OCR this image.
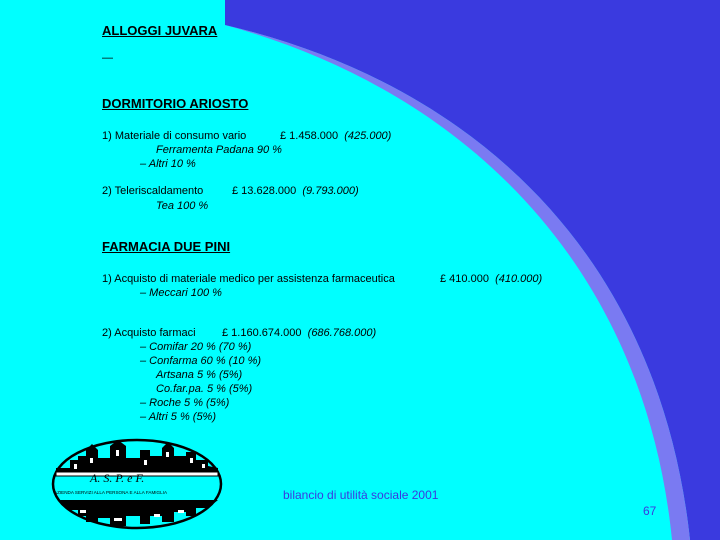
ALLOGGI JUVARA
—
DORMITORIO ARIOSTO
1) Materiale di consumo vario	£ 1.458.000 (425.000)
Ferramenta Padana 90 %
– Altri 10 %
2) Teleriscaldamento	£ 13.628.000 (9.793.000)
Tea 100 %
FARMACIA DUE PINI
1) Acquisto di materiale medico per assistenza farmaceutica	£ 410.000 (410.000)
– Meccari 100 %
2) Acquisto farmaci £ 1.160.674.000 (686.768.000)
– Comifar 20 % (70 %)
– Confarma 60 % (10 %)
Artsana 5 % (5%)
Co.far.pa. 5 % (5%)
– Roche 5 % (5%)
– Altri 5 % (5%)
A. S. P. e F.
AZIENDA SERVIZI ALLA PERSONA E ALLA FAMIGLIA	bilancio di utilità sociale 2001
67
